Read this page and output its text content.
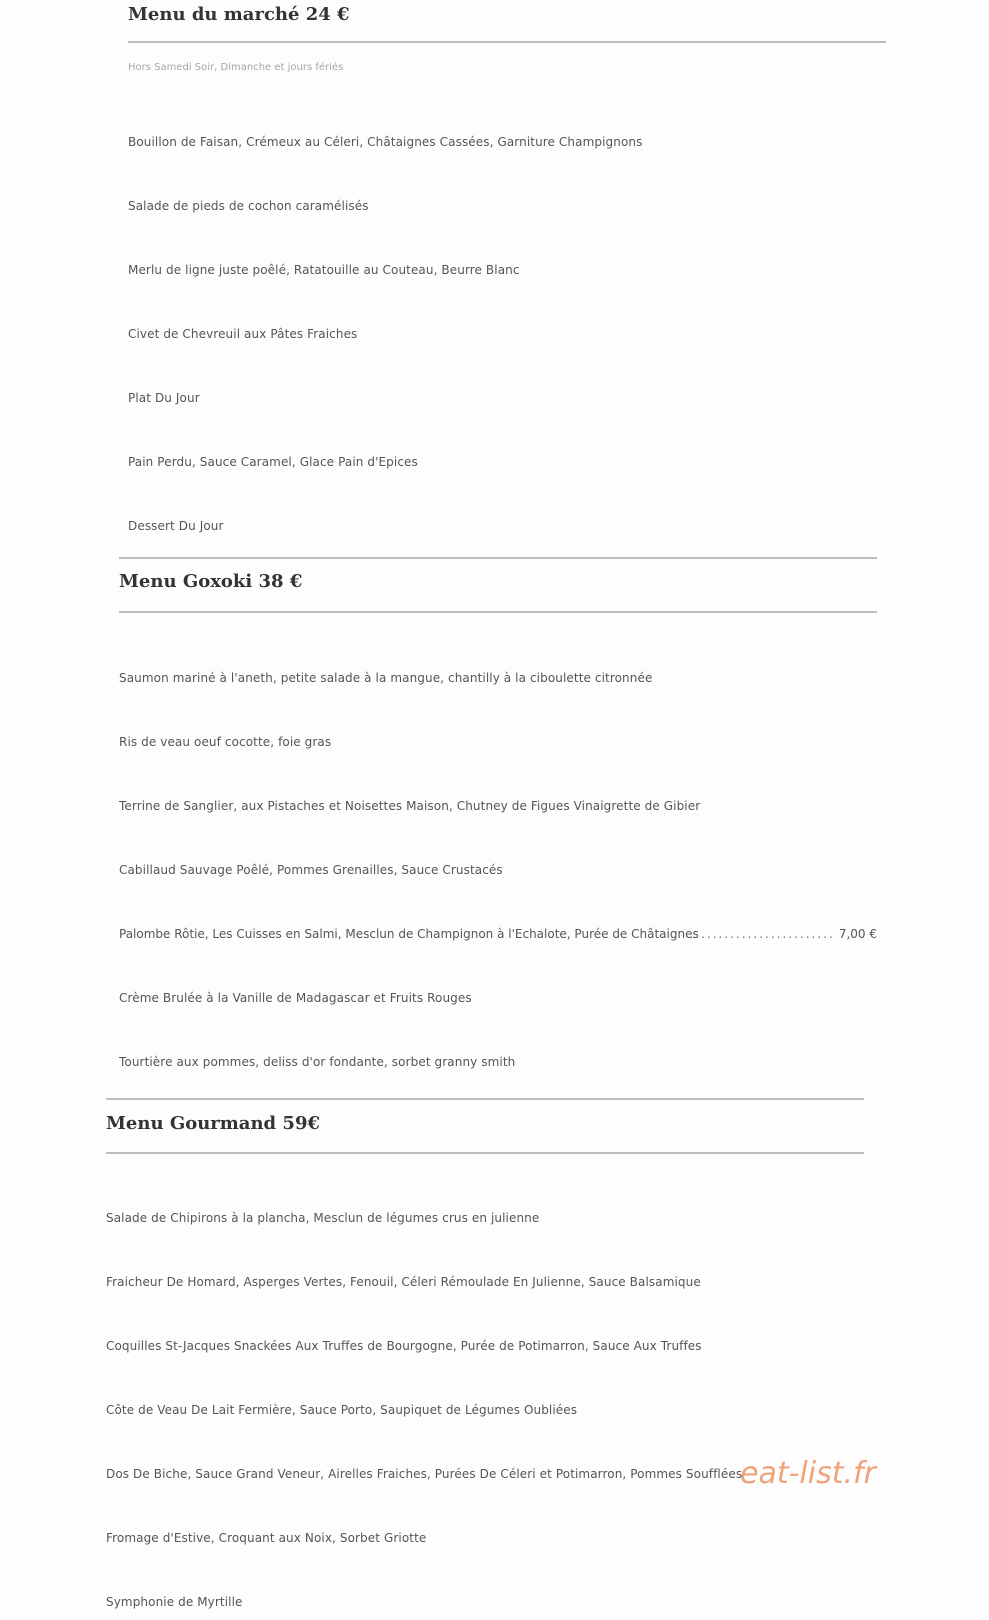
Menu du marché 24 €
Hors Samedi Soir, Dimanche et jours fériés
Bouillon de Faisan, Crémeux au Céleri, Châtaignes Cassées, Garniture Champignons
Salade de pieds de cochon caramélisés
Merlu de ligne juste poêlé, Ratatouille au Couteau, Beurre Blanc
Civet de Chevreuil aux Pâtes Fraiches
Plat Du Jour
Pain Perdu, Sauce Caramel, Glace Pain d'Epices
Dessert Du Jour
Menu Goxoki 38 €
Saumon mariné à l'aneth, petite salade à la mangue, chantilly à la ciboulette citronnée
Ris de veau oeuf cocotte, foie gras
Terrine de Sanglier, aux Pistaches et Noisettes Maison, Chutney de Figues Vinaigrette de Gibier
Cabillaud Sauvage Poêlé, Pommes Grenailles, Sauce Crustacés
Palombe Rôtie, Les Cuisses en Salmi, Mesclun de Champignon à l'Echalote, Purée de Châtaignes
......................... 7,00 €
Crème Brulée à la Vanille de Madagascar et Fruits Rouges
Tourtière aux pommes, deliss d'or fondante, sorbet granny smith
Menu Gourmand 59€
Salade de Chipirons à la plancha, Mesclun de légumes crus en julienne
Fraicheur De Homard, Asperges Vertes, Fenouil, Céleri Rémoulade En Julienne, Sauce Balsamique
Coquilles St-Jacques Snackées Aux Truffes de Bourgogne, Purée de Potimarron, Sauce Aux Truffes
Côte de Veau De Lait Fermière, Sauce Porto, Saupiquet de Légumes Oubliées
Dos De Biche, Sauce Grand Veneur, Airelles Fraiches, Purées De Céleri et Potimarron, Pommes Soufflées
Fromage d'Estive, Croquant aux Noix, Sorbet Griotte
Symphonie de Myrtille
eat-list.fr
